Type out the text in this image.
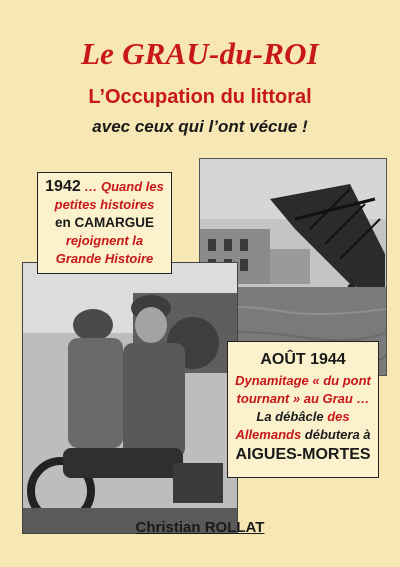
Le GRAU-du-ROI
L’Occupation du littoral
avec ceux qui l’ont vécue !
1942 … Quand les
petites histoires
en CAMARGUE
rejoignent la
Grande Histoire
AOÛT 1944
Dynamitage « du pont
tournant » au Grau …
La débâcle des
Allemands débutera à
AIGUES-MORTES
Christian ROLLAT
